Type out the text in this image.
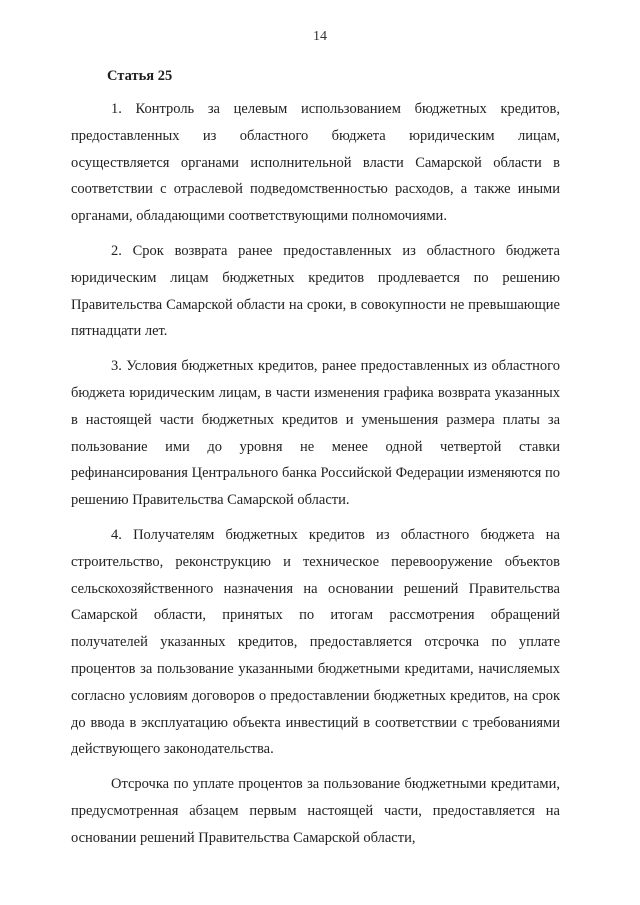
14
Статья 25

1. Контроль за целевым использованием бюджетных кредитов, предоставленных из областного бюджета юридическим лицам, осуществляется органами исполнительной власти Самарской области в соответствии с отраслевой подведомственностью расходов, а также иными органами, обладающими соответствующими полномочиями.

2. Срок возврата ранее предоставленных из областного бюджета юридическим лицам бюджетных кредитов продлевается по решению Правительства Самарской области на сроки, в совокупности не превышающие пятнадцати лет.

3. Условия бюджетных кредитов, ранее предоставленных из областного бюджета юридическим лицам, в части изменения графика возврата указанных в настоящей части бюджетных кредитов и уменьшения размера платы за пользование ими до уровня не менее одной четвертой ставки рефинансирования Центрального банка Российской Федерации изменяются по решению Правительства Самарской области.

4. Получателям бюджетных кредитов из областного бюджета на строительство, реконструкцию и техническое перевооружение объектов сельскохозяйственного назначения на основании решений Правительства Самарской области, принятых по итогам рассмотрения обращений получателей указанных кредитов, предоставляется отсрочка по уплате процентов за пользование указанными бюджетными кредитами, начисляемых согласно условиям договоров о предоставлении бюджетных кредитов, на срок до ввода в эксплуатацию объекта инвестиций в соответствии с требованиями действующего законодательства.

Отсрочка по уплате процентов за пользование бюджетными кредитами, предусмотренная абзацем первым настоящей части, предоставляется на основании решений Правительства Самарской области,
